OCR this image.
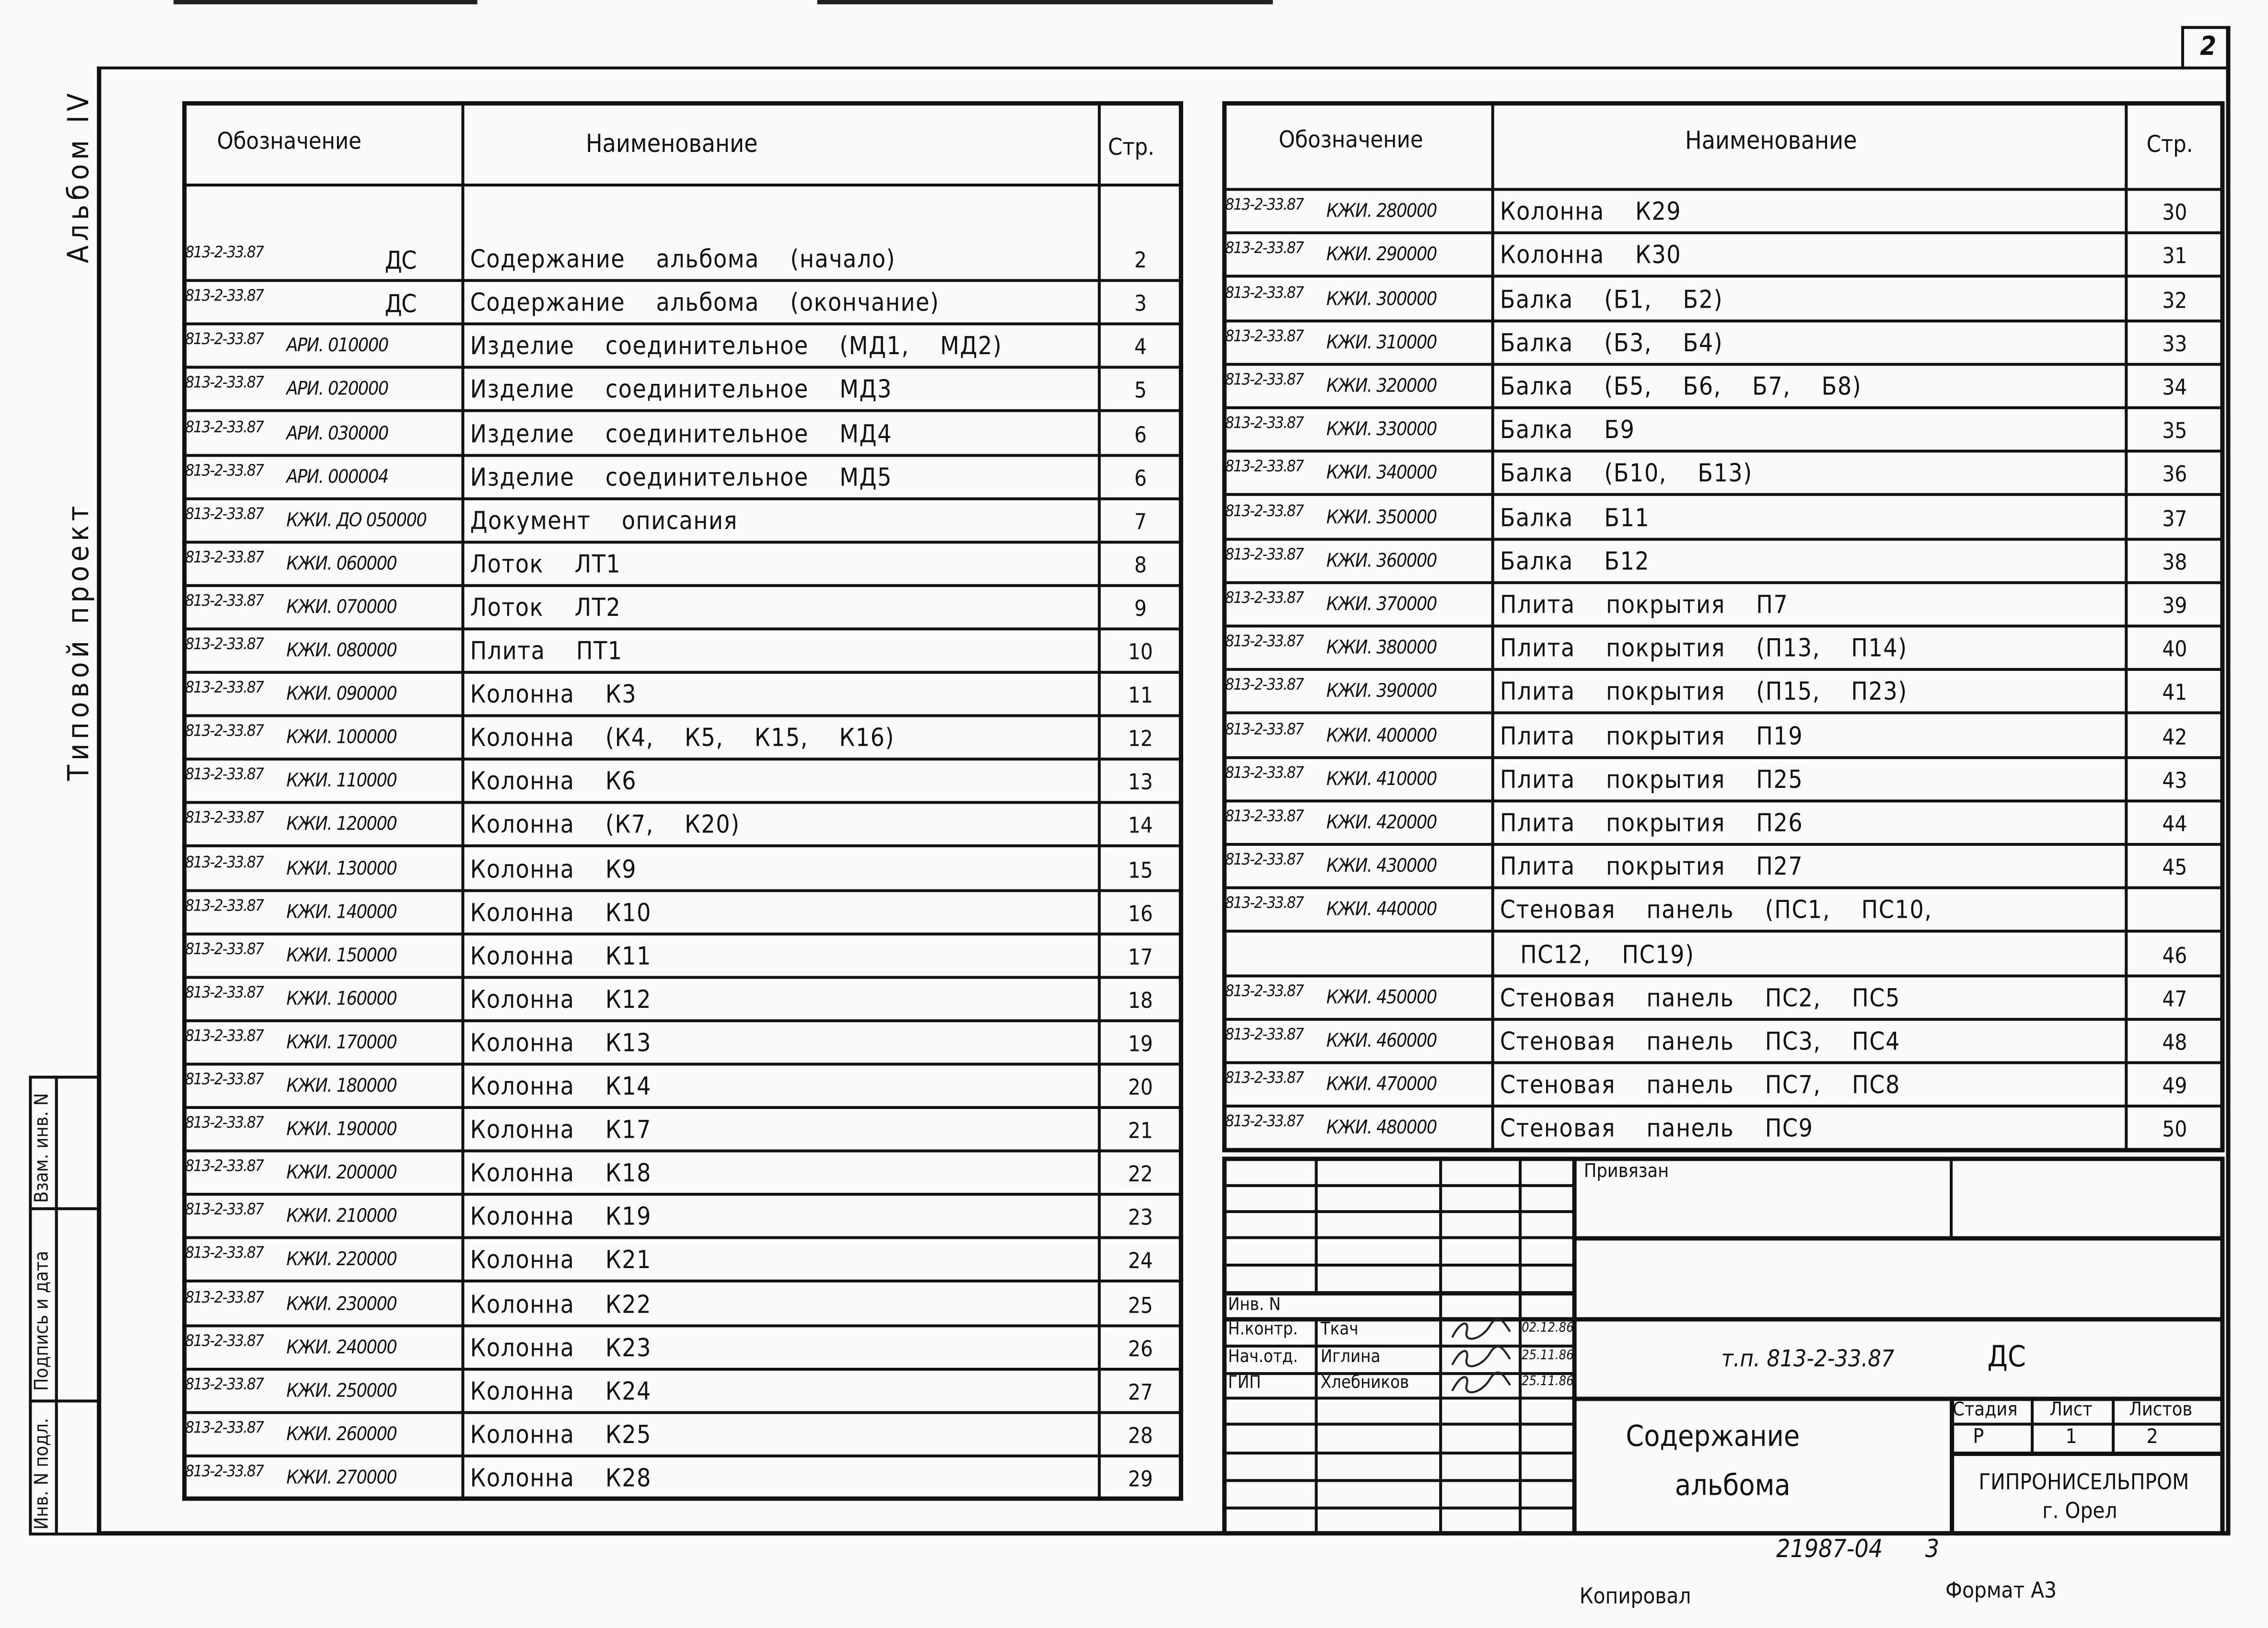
2
Альбом IV
Типовой проект
Инв. N подл.
Подпись и дата
Взам. инв. N
Обозначение	Наименование	Стр.
813-2-33.87	ДС	Содержание альбома (начало)	2
813-2-33.87	ДС	Содержание альбома (окончание)	3
813-2-33.87	АРИ. 010000	Изделие соединительное (МД1, МД2)	4
813-2-33.87	АРИ. 020000	Изделие соединительное МД3	5
813-2-33.87	АРИ. 030000	Изделие соединительное МД4	6
813-2-33.87	АРИ. 000004	Изделие соединительное МД5	6
813-2-33.87	КЖИ. ДО 050000	Документ описания	7
813-2-33.87	КЖИ. 060000	Лоток ЛТ1	8
813-2-33.87	КЖИ. 070000	Лоток ЛТ2	9
813-2-33.87	КЖИ. 080000	Плита ПТ1	10
813-2-33.87	КЖИ. 090000	Колонна К3	11
813-2-33.87	КЖИ. 100000	Колонна (К4, К5, К15, К16)	12
813-2-33.87	КЖИ. 110000	Колонна К6	13
813-2-33.87	КЖИ. 120000	Колонна (К7, К20)	14
813-2-33.87	КЖИ. 130000	Колонна К9	15
813-2-33.87	КЖИ. 140000	Колонна К10	16
813-2-33.87	КЖИ. 150000	Колонна К11	17
813-2-33.87	КЖИ. 160000	Колонна К12	18
813-2-33.87	КЖИ. 170000	Колонна К13	19
813-2-33.87	КЖИ. 180000	Колонна К14	20
813-2-33.87	КЖИ. 190000	Колонна К17	21
813-2-33.87	КЖИ. 200000	Колонна К18	22
813-2-33.87	КЖИ. 210000	Колонна К19	23
813-2-33.87	КЖИ. 220000	Колонна К21	24
813-2-33.87	КЖИ. 230000	Колонна К22	25
813-2-33.87	КЖИ. 240000	Колонна К23	26
813-2-33.87	КЖИ. 250000	Колонна К24	27
813-2-33.87	КЖИ. 260000	Колонна К25	28
813-2-33.87	КЖИ. 270000	Колонна К28	29
Обозначение	Наименование	Стр.
813-2-33.87	КЖИ. 280000	Колонна К29	30
813-2-33.87	КЖИ. 290000	Колонна К30	31
813-2-33.87	КЖИ. 300000	Балка (Б1, Б2)	32
813-2-33.87	КЖИ. 310000	Балка (Б3, Б4)	33
813-2-33.87	КЖИ. 320000	Балка (Б5, Б6, Б7, Б8)	34
813-2-33.87	КЖИ. 330000	Балка Б9	35
813-2-33.87	КЖИ. 340000	Балка (Б10, Б13)	36
813-2-33.87	КЖИ. 350000	Балка Б11	37
813-2-33.87	КЖИ. 360000	Балка Б12	38
813-2-33.87	КЖИ. 370000	Плита покрытия П7	39
813-2-33.87	КЖИ. 380000	Плита покрытия (П13, П14)	40
813-2-33.87	КЖИ. 390000	Плита покрытия (П15, П23)	41
813-2-33.87	КЖИ. 400000	Плита покрытия П19	42
813-2-33.87	КЖИ. 410000	Плита покрытия П25	43
813-2-33.87	КЖИ. 420000	Плита покрытия П26	44
813-2-33.87	КЖИ. 430000	Плита покрытия П27	45
813-2-33.87	КЖИ. 440000	Стеновая панель (ПС1, ПС10,
ПС12, ПС19)	46
813-2-33.87	КЖИ. 450000	Стеновая панель ПС2, ПС5	47
813-2-33.87	КЖИ. 460000	Стеновая панель ПС3, ПС4	48
813-2-33.87	КЖИ. 470000	Стеновая панель ПС7, ПС8	49
813-2-33.87	КЖИ. 480000	Стеновая панель ПС9	50
Привязан
Инв. N
Н.контр.	Ткач	02.12.86
Нач.отд.	Иглина	25.11.86
ГИП	Хлебников	25.11.86
т.п. 813-2-33.87	ДС
Содержание
альбома
Стадия	Лист	Листов
Р	1	2
ГИПРОНИСЕЛЬПРОМ
г. Орел
21987-04	3
Копировал	Формат А3
